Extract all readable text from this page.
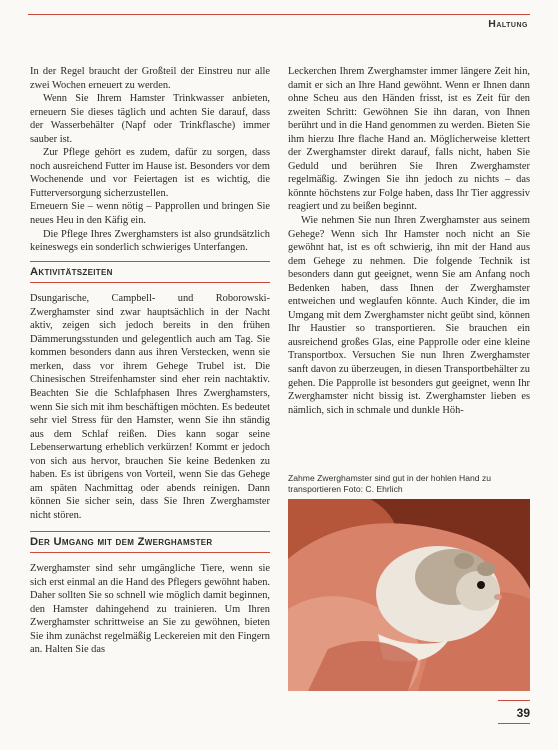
Haltung

In der Regel braucht der Großteil der Einstreu nur alle zwei Wochen erneuert zu werden.

Wenn Sie Ihrem Hamster Trinkwasser anbieten, erneuern Sie dieses täglich und achten Sie darauf, dass der Wasserbehälter (Napf oder Trinkflasche) immer sauber ist.

Zur Pflege gehört es zudem, dafür zu sorgen, dass noch ausreichend Futter im Hause ist. Besonders vor dem Wochenende und vor Feiertagen ist es wichtig, die Futterversorgung sicherzustellen.

Erneuern Sie – wenn nötig – Papprollen und bringen Sie neues Heu in den Käfig ein.

Die Pflege Ihres Zwerghamsters ist also grundsätzlich keineswegs ein sonderlich schwieriges Unterfangen.

Aktivitätszeiten

Dsungarische, Campbell- und Roborowski-Zwerghamster sind zwar hauptsächlich in der Nacht aktiv, zeigen sich jedoch bereits in den frühen Dämmerungsstunden und gelegentlich auch am Tag. Sie kommen besonders dann aus ihren Verstecken, wenn sie merken, dass vor ihrem Gehege Trubel ist. Die Chinesischen Streifenhamster sind eher rein nachtaktiv. Beachten Sie die Schlafphasen Ihres Zwerghamsters, wenn Sie sich mit ihm beschäftigen möchten. Es bedeutet sehr viel Stress für den Hamster, wenn Sie ihn ständig aus dem Schlaf reißen. Dies kann sogar seine Lebenserwartung erheblich verkürzen! Kommt er jedoch von sich aus hervor, brauchen Sie keine Bedenken zu haben. Es ist übrigens von Vorteil, wenn Sie das Gehege am späten Nachmittag oder abends reinigen. Dann können Sie sicher sein, dass Sie Ihren Zwerghamster nicht stören.

Der Umgang mit dem Zwerghamster

Zwerghamster sind sehr umgängliche Tiere, wenn sie sich erst einmal an die Hand des Pflegers gewöhnt haben. Daher sollten Sie so schnell wie möglich damit beginnen, den Hamster dahingehend zu trainieren. Um Ihren Zwerghamster schrittweise an Sie zu gewöhnen, bieten Sie ihm zunächst regelmäßig Leckereien mit den Fingern an. Halten Sie das

Leckerchen Ihrem Zwerghamster immer längere Zeit hin, damit er sich an Ihre Hand gewöhnt. Wenn er Ihnen dann ohne Scheu aus den Händen frisst, ist es Zeit für den zweiten Schritt: Gewöhnen Sie ihn daran, von Ihnen berührt und in die Hand genommen zu werden. Bieten Sie ihm hierzu Ihre flache Hand an. Möglicherweise klettert der Zwerghamster direkt darauf, falls nicht, haben Sie Geduld und berühren Sie Ihren Zwerghamster regelmäßig. Zwingen Sie ihn jedoch zu nichts – das könnte höchstens zur Folge haben, dass Ihr Tier aggressiv reagiert und zu beißen beginnt.

Wie nehmen Sie nun Ihren Zwerghamster aus seinem Gehege? Wenn sich Ihr Hamster noch nicht an Sie gewöhnt hat, ist es oft schwierig, ihn mit der Hand aus dem Gehege zu nehmen. Die folgende Technik ist besonders dann gut geeignet, wenn Sie am Anfang noch Bedenken haben, dass Ihnen der Zwerghamster entweichen und weglaufen könnte. Auch Kinder, die im Umgang mit dem Zwerghamster nicht geübt sind, können Ihr Haustier so transportieren. Sie brauchen ein ausreichend großes Glas, eine Papprolle oder eine kleine Transportbox. Versuchen Sie nun Ihren Zwerghamster sanft davon zu überzeugen, in diesen Transportbehälter zu gehen. Die Papprolle ist besonders gut geeignet, wenn Ihr Zwerghamster nicht bissig ist. Zwerghamster lieben es nämlich, sich in schmale und dunkle Höh-

Zahme Zwerghamster sind gut in der hohlen Hand zu transportieren Foto: C. Ehrlich
39
